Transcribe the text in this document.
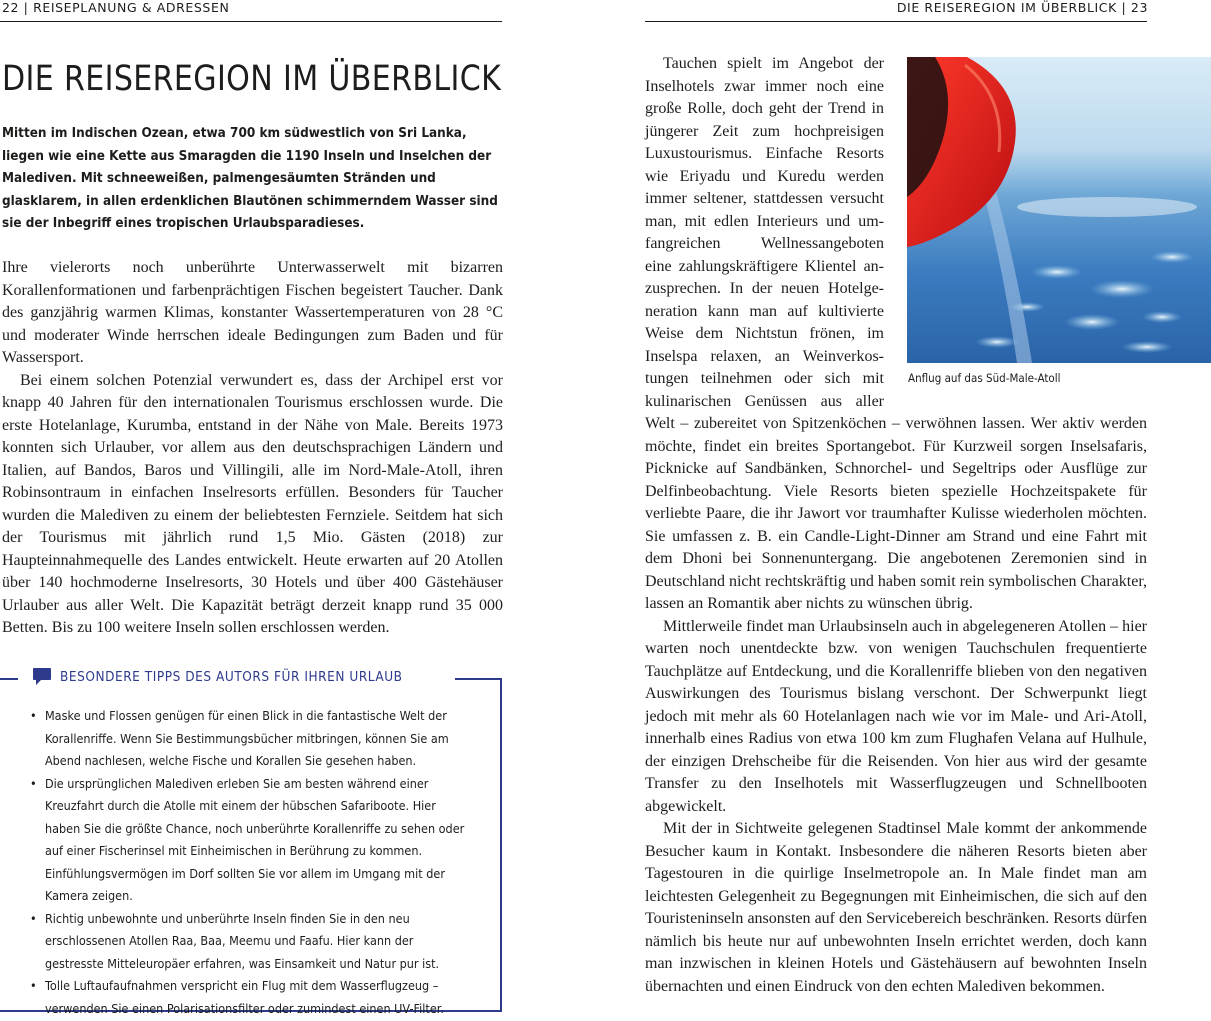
22 | REISEPLANUNG & ADRESSEN	DIE REISEREGION IM ÜBERBLICK | 23
DIE REISEREGION IM ÜBERBLICK

Mitten im Indischen Ozean, etwa 700 km südwestlich von Sri Lanka, liegen wie eine Kette aus Smaragden die 1190 Inseln und Inselchen der Malediven. Mit schneeweißen, palmengesäumten Stränden und glasklarem, in allen erdenklichen Blautönen schimmerndem Wasser sind sie der Inbegriff eines tropischen Urlaubsparadieses.

Ihre vielerorts noch unberührte Unterwasserwelt mit bizarren Korallenformationen und farbenprächtigen Fischen begeistert Taucher. Dank des ganzjährig warmen Klimas, konstanter Wassertemperaturen von 28 °C und moderater Winde herrschen ideale Bedingungen zum Baden und für Wassersport.

Bei einem solchen Potenzial verwundert es, dass der Archipel erst vor knapp 40 Jahren für den internationalen Tourismus erschlossen wurde. Die erste Hotelanlage, Kurumba, entstand in der Nähe von Male. Bereits 1973 konnten sich Urlauber, vor allem aus den deutschsprachigen Ländern und Italien, auf Bandos, Baros und Villingili, alle im Nord-Male-Atoll, ihren Robinsontraum in einfachen Inselresorts erfüllen. Besonders für Taucher wurden die Malediven zu einem der beliebtesten Fernziele. Seitdem hat sich der Tourismus mit jährlich rund 1,5 Mio. Gästen (2018) zur Haupteinnahmequelle des Landes entwickelt. Heute erwarten auf 20 Atollen über 140 hochmoderne Inselresorts, 30 Hotels und über 400 Gästehäuser Urlauber aus aller Welt. Die Kapazität beträgt derzeit knapp rund 35 000 Betten. Bis zu 100 weitere Inseln sollen erschlossen werden.

BESONDERE TIPPS DES AUTORS FÜR IHREN URLAUB
• Maske und Flossen genügen für einen Blick in die fantastische Welt der Korallenriffe. Wenn Sie Bestimmungsbücher mitbringen, können Sie am Abend nachlesen, welche Fische und Korallen Sie gesehen haben.
• Die ursprünglichen Malediven erleben Sie am besten während einer Kreuzfahrt durch die Atolle mit einem der hübschen Safariboote. Hier haben Sie die größte Chance, noch unberührte Korallenriffe zu sehen oder auf einer Fischerinsel mit Einheimischen in Berührung zu kommen. Einfühlungsvermögen im Dorf sollten Sie vor allem im Umgang mit der Kamera zeigen.
• Richtig unbewohnte und unberührte Inseln finden Sie in den neu erschlossenen Atollen Raa, Baa, Meemu und Faafu. Hier kann der gestresste Mitteleuropäer erfahren, was Einsamkeit und Natur pur ist.
• Tolle Luftaufaufnahmen verspricht ein Flug mit dem Wasserflugzeug – verwenden Sie einen Polarisationsfilter oder zumindest einen UV-Filter.
Anflug auf das Süd-Male-Atoll
Tauchen spielt im Angebot der
Inselhotels zwar immer noch eine
große Rolle, doch geht der Trend in
jüngerer Zeit zum hochpreisigen
Luxustourismus. Einfache Resorts
wie Eriyadu und Kuredu werden
immer seltener, stattdessen versucht
man, mit edlen Interieurs und um-
fangreichen Wellnessangeboten
eine zahlungskräftigere Klientel an-
zusprechen. In der neuen Hotelge-
neration kann man auf kultivierte
Weise dem Nichtstun frönen, im
Inselspa relaxen, an Weinverkos-
tungen teilnehmen oder sich mit
kulinarischen Genüssen aus aller

Welt – zubereitet von Spitzenköchen – verwöhnen lassen. Wer aktiv werden möchte, findet ein breites Sportangebot. Für Kurzweil sorgen Inselsafaris, Picknicke auf Sandbänken, Schnorchel- und Segeltrips oder Ausflüge zur Delfinbeobachtung. Viele Resorts bieten spezielle Hochzeitspakete für verliebte Paare, die ihr Jawort vor traumhafter Kulisse wiederholen möchten. Sie umfassen z. B. ein Candle-Light-Dinner am Strand und eine Fahrt mit dem Dhoni bei Sonnenuntergang. Die angebotenen Zeremonien sind in Deutschland nicht rechtskräftig und haben somit rein symbolischen Charakter, lassen an Romantik aber nichts zu wünschen übrig.

Mittlerweile findet man Urlaubsinseln auch in abgelegeneren Atollen – hier warten noch unentdeckte bzw. von wenigen Tauchschulen frequentierte Tauchplätze auf Entdeckung, und die Korallenriffe blieben von den negativen Auswirkungen des Tourismus bislang verschont. Der Schwerpunkt liegt jedoch mit mehr als 60 Hotelanlagen nach wie vor im Male- und Ari-Atoll, innerhalb eines Radius von etwa 100 km zum Flughafen Velana auf Hulhule, der einzigen Drehscheibe für die Reisenden. Von hier aus wird der gesamte Transfer zu den Inselhotels mit Wasserflugzeugen und Schnellbooten abgewickelt.

Mit der in Sichtweite gelegenen Stadtinsel Male kommt der ankommende Besucher kaum in Kontakt. Insbesondere die näheren Resorts bieten aber Tagestouren in die quirlige Inselmetropole an. In Male findet man am leichtesten Gelegenheit zu Begegnungen mit Einheimischen, die sich auf den Touristeninseln ansonsten auf den Servicebereich beschränken. Resorts dürfen nämlich bis heute nur auf unbewohnten Inseln errichtet werden, doch kann man inzwischen in kleinen Hotels und Gästehäusern auf bewohnten Inseln übernachten und einen Eindruck von den echten Malediven bekommen.
